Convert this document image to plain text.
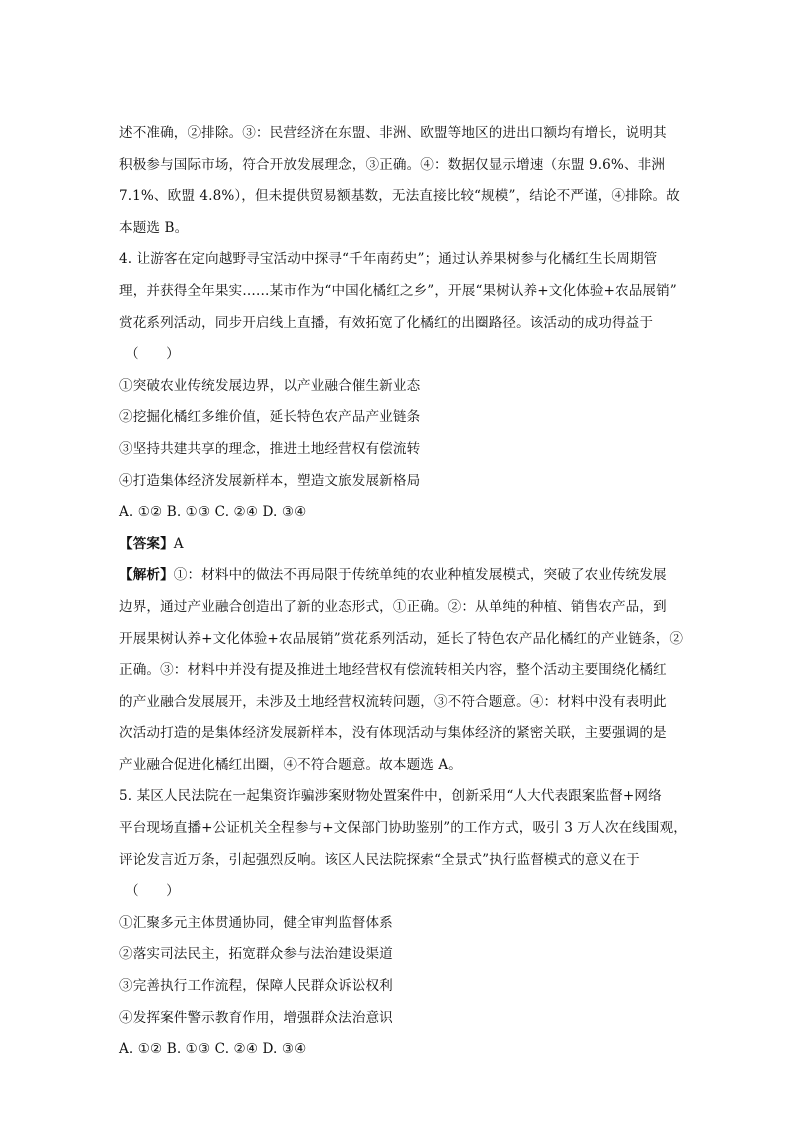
述不准确，②排除。③：民营经济在东盟、非洲、欧盟等地区的进出口额均有增长，说明其
积极参与国际市场，符合开放发展理念，③正确。④：数据仅显示增速（东盟 9.6%、非洲
7.1%、欧盟 4.8%），但未提供贸易额基数，无法直接比较“规模”，结论不严谨，④排除。故
本题选 B。
4. 让游客在定向越野寻宝活动中探寻“千年南药史”；通过认养果树参与化橘红生长周期管
理，并获得全年果实……某市作为“中国化橘红之乡”，开展“果树认养+文化体验+农品展销”
赏花系列活动，同步开启线上直播，有效拓宽了化橘红的出圈路径。该活动的成功得益于
（　　）
①突破农业传统发展边界，以产业融合催生新业态
②挖掘化橘红多维价值，延长特色农产品产业链条
③坚持共建共享的理念，推进土地经营权有偿流转
④打造集体经济发展新样本，塑造文旅发展新格局
A. ①② B. ①③ C. ②④ D. ③④
【答案】A
【解析】①：材料中的做法不再局限于传统单纯的农业种植发展模式，突破了农业传统发展
边界，通过产业融合创造出了新的业态形式，①正确。②：从单纯的种植、销售农产品，到
开展果树认养+文化体验+农品展销”赏花系列活动，延长了特色农产品化橘红的产业链条，②
正确。③：材料中并没有提及推进土地经营权有偿流转相关内容，整个活动主要围绕化橘红
的产业融合发展展开，未涉及土地经营权流转问题，③不符合题意。④：材料中没有表明此
次活动打造的是集体经济发展新样本，没有体现活动与集体经济的紧密关联，主要强调的是
产业融合促进化橘红出圈，④不符合题意。故本题选 A。
5. 某区人民法院在一起集资诈骗涉案财物处置案件中，创新采用“人大代表跟案监督+网络
平台现场直播+公证机关全程参与+文保部门协助鉴别”的工作方式，吸引 3 万人次在线围观，
评论发言近万条，引起强烈反响。该区人民法院探索“全景式”执行监督模式的意义在于
（　　）
①汇聚多元主体贯通协同，健全审判监督体系
②落实司法民主，拓宽群众参与法治建设渠道
③完善执行工作流程，保障人民群众诉讼权利
④发挥案件警示教育作用，增强群众法治意识
A. ①② B. ①③ C. ②④ D. ③④
